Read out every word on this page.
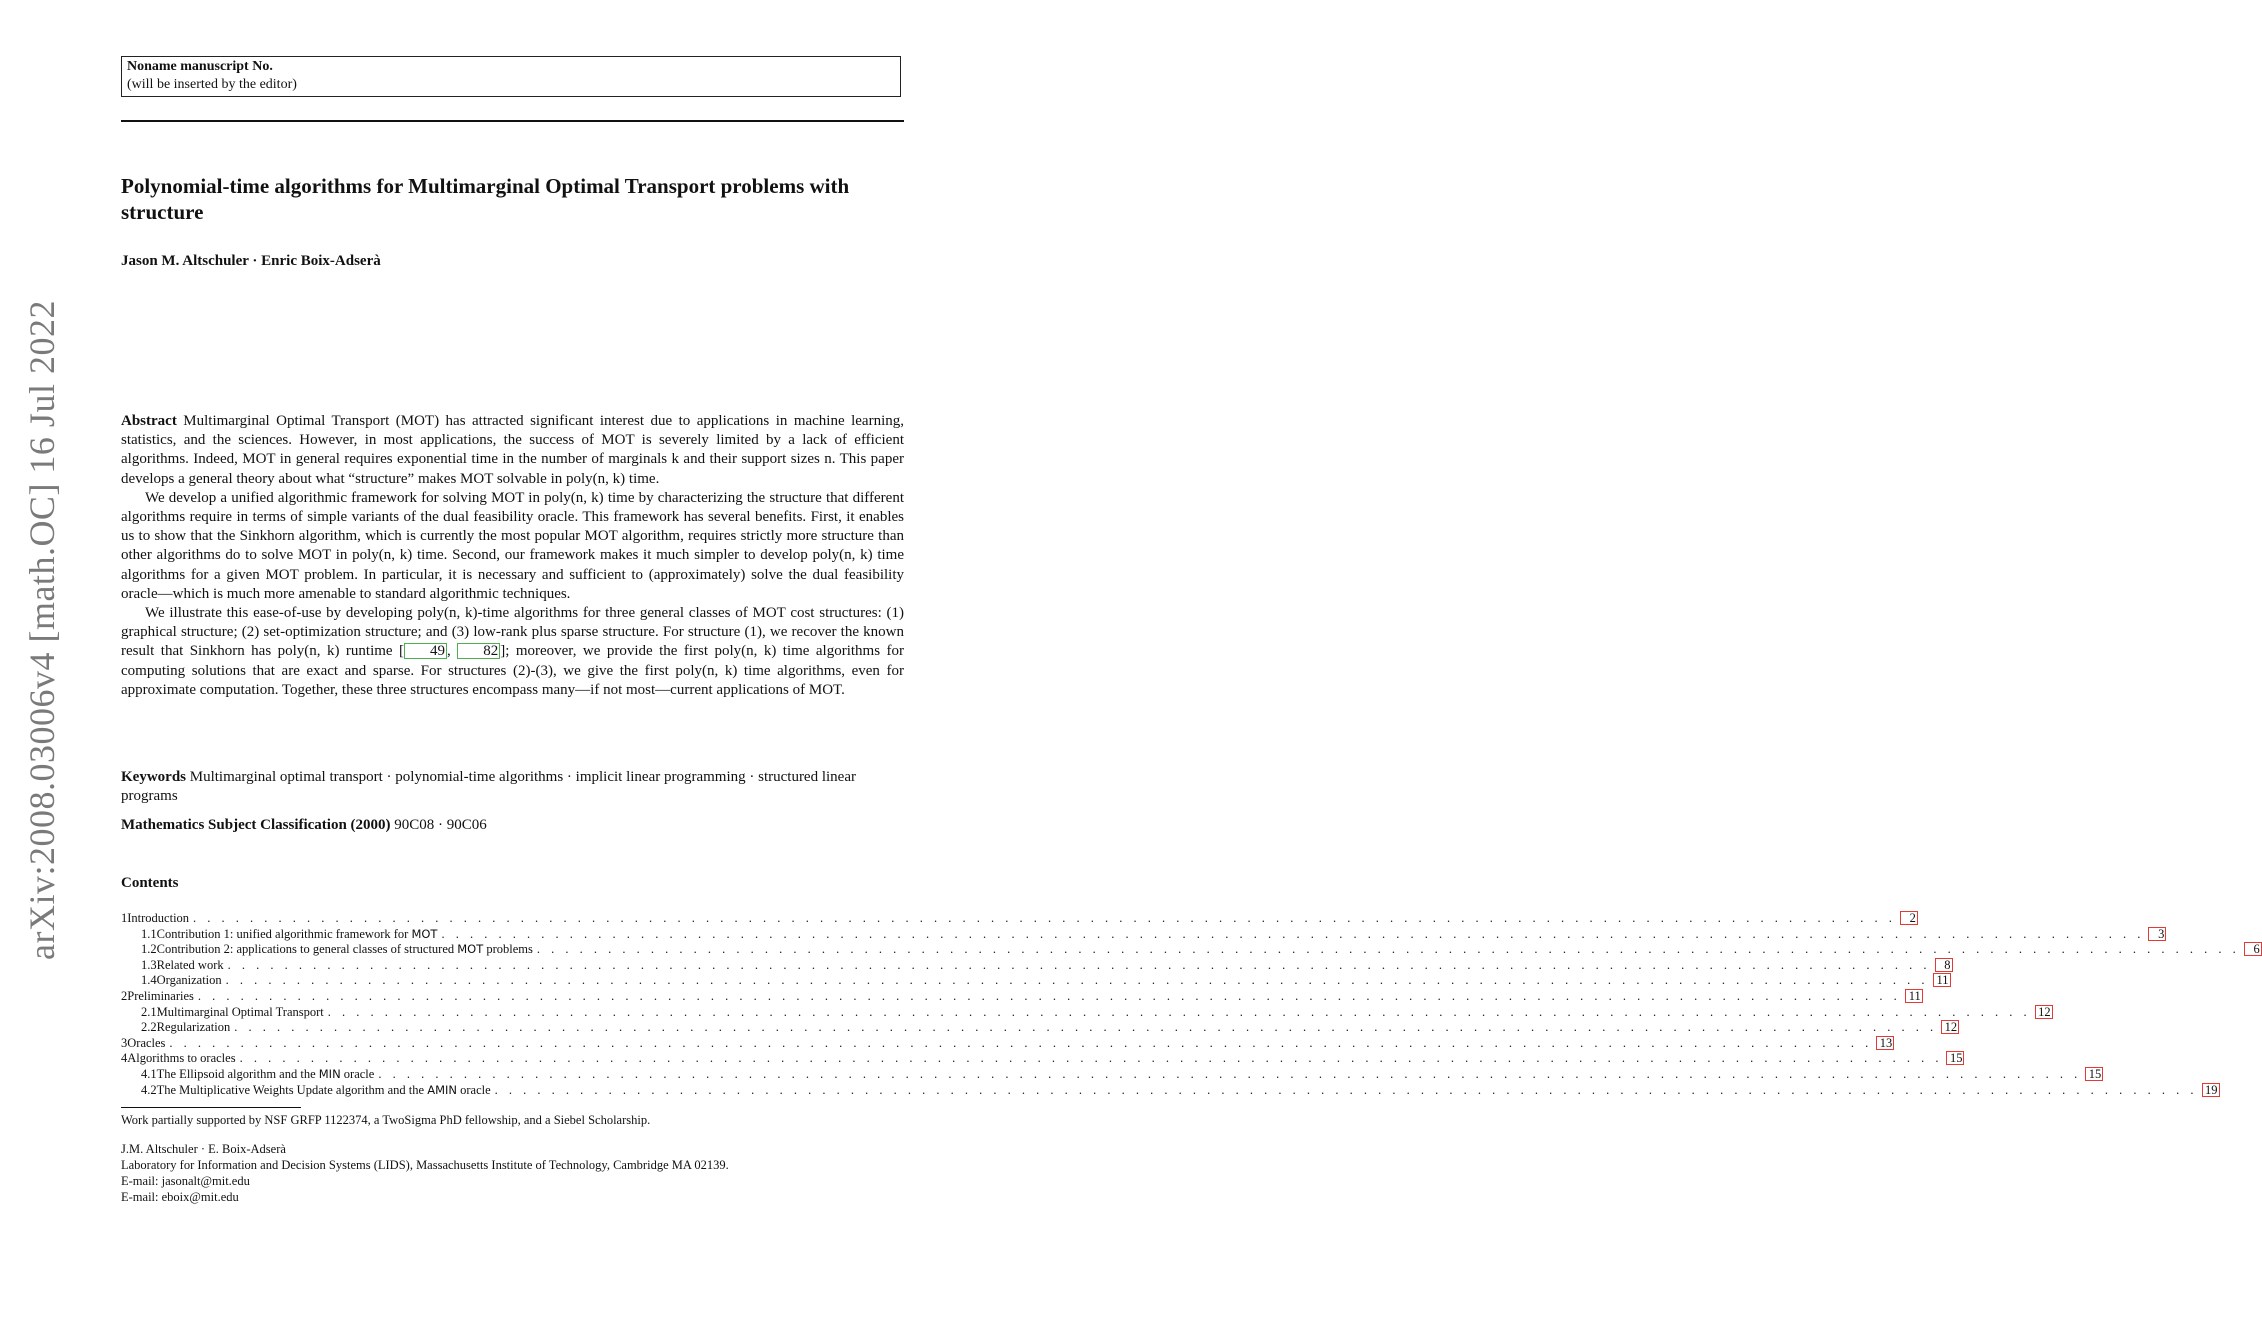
arXiv:2008.03006v4 [math.OC] 16 Jul 2022
Noname manuscript No.
(will be inserted by the editor)
Polynomial-time algorithms for Multimarginal Optimal Transport problems with structure
Jason M. Altschuler · Enric Boix-Adserà

Abstract Multimarginal Optimal Transport (MOT) has attracted significant interest due to applications in machine learning, statistics, and the sciences. However, in most applications, the success of MOT is severely limited by a lack of efficient algorithms. Indeed, MOT in general requires exponential time in the number of marginals k and their support sizes n. This paper develops a general theory about what “structure” makes MOT solvable in poly(n, k) time.

We develop a unified algorithmic framework for solving MOT in poly(n, k) time by characterizing the structure that different algorithms require in terms of simple variants of the dual feasibility oracle. This framework has several benefits. First, it enables us to show that the Sinkhorn algorithm, which is currently the most popular MOT algorithm, requires strictly more structure than other algorithms do to solve MOT in poly(n, k) time. Second, our framework makes it much simpler to develop poly(n, k) time algorithms for a given MOT problem. In particular, it is necessary and sufficient to (approximately) solve the dual feasibility oracle—which is much more amenable to standard algorithmic techniques.

We illustrate this ease-of-use by developing poly(n, k)-time algorithms for three general classes of MOT cost structures: (1) graphical structure; (2) set-optimization structure; and (3) low-rank plus sparse structure. For structure (1), we recover the known result that Sinkhorn has poly(n, k) runtime [ 49 , 82 ]; moreover, we provide the first poly(n, k) time algorithms for computing solutions that are exact and sparse. For structures (2)-(3), we give the first poly(n, k) time algorithms, even for approximate computation. Together, these three structures encompass many—if not most—current applications of MOT.

Keywords Multimarginal optimal transport · polynomial-time algorithms · implicit linear programming · structured linear programs
Mathematics Subject Classification (2000) 90C08 · 90C06
Contents
1 Introduction . . . . . . . . . . . . . . . . . . . . . . . . . . . . . . . . . . . . . . . . . . . . . . . . . . . . . . . . . . . . . . . . . . . . . . . . . . . . . . . . . . . . . . . . . . . . . . . . . . . . . . . . . . . . . . . . . . . . . . . .	2
1.1 Contribution 1: unified algorithmic framework for MOT . . . . . . . . . . . . . . . . . . . . . . . . . . . . . . . . . . . . . . . . . . . . . . . . . . . . . . . . . . . . . . . . . . . . . . . . . . . . . . . . . . . . . . . . . . . . . . . . . . . . . . . . . . . . . . . . . . . . . . . .	3
1.2 Contribution 2: applications to general classes of structured MOT problems . . . . . . . . . . . . . . . . . . . . . . . . . . . . . . . . . . . . . . . . . . . . . . . . . . . . . . . . . . . . . . . . . . . . . . . . . . . . . . . . . . . . . . . . . . . . . . . . . . . . . . . . . . . . . . . . . . . . . . . .	6
1.3 Related work . . . . . . . . . . . . . . . . . . . . . . . . . . . . . . . . . . . . . . . . . . . . . . . . . . . . . . . . . . . . . . . . . . . . . . . . . . . . . . . . . . . . . . . . . . . . . . . . . . . . . . . . . . . . . . . . . . . . . . . .	8
1.4 Organization . . . . . . . . . . . . . . . . . . . . . . . . . . . . . . . . . . . . . . . . . . . . . . . . . . . . . . . . . . . . . . . . . . . . . . . . . . . . . . . . . . . . . . . . . . . . . . . . . . . . . . . . . . . . . . . . . . . . . . . . 11
2 Preliminaries . . . . . . . . . . . . . . . . . . . . . . . . . . . . . . . . . . . . . . . . . . . . . . . . . . . . . . . . . . . . . . . . . . . . . . . . . . . . . . . . . . . . . . . . . . . . . . . . . . . . . . . . . . . . . . . . . . . . . . . . 11
2.1 Multimarginal Optimal Transport . . . . . . . . . . . . . . . . . . . . . . . . . . . . . . . . . . . . . . . . . . . . . . . . . . . . . . . . . . . . . . . . . . . . . . . . . . . . . . . . . . . . . . . . . . . . . . . . . . . . . . . . . . . . . . . . . . . . . . . . 12
2.2 Regularization . . . . . . . . . . . . . . . . . . . . . . . . . . . . . . . . . . . . . . . . . . . . . . . . . . . . . . . . . . . . . . . . . . . . . . . . . . . . . . . . . . . . . . . . . . . . . . . . . . . . . . . . . . . . . . . . . . . . . . . . 12
3 Oracles . . . . . . . . . . . . . . . . . . . . . . . . . . . . . . . . . . . . . . . . . . . . . . . . . . . . . . . . . . . . . . . . . . . . . . . . . . . . . . . . . . . . . . . . . . . . . . . . . . . . . . . . . . . . . . . . . . . . . . . . 13
4 Algorithms to oracles . . . . . . . . . . . . . . . . . . . . . . . . . . . . . . . . . . . . . . . . . . . . . . . . . . . . . . . . . . . . . . . . . . . . . . . . . . . . . . . . . . . . . . . . . . . . . . . . . . . . . . . . . . . . . . . . . . . . . . . . 15
4.1 The Ellipsoid algorithm and the MIN oracle . . . . . . . . . . . . . . . . . . . . . . . . . . . . . . . . . . . . . . . . . . . . . . . . . . . . . . . . . . . . . . . . . . . . . . . . . . . . . . . . . . . . . . . . . . . . . . . . . . . . . . . . . . . . . . . . . . . . . . . . 15
4.2 The Multiplicative Weights Update algorithm and the AMIN oracle . . . . . . . . . . . . . . . . . . . . . . . . . . . . . . . . . . . . . . . . . . . . . . . . . . . . . . . . . . . . . . . . . . . . . . . . . . . . . . . . . . . . . . . . . . . . . . . . . . . . . . . . . . . . . . . . . . . . . . . . 19
Work partially supported by NSF GRFP 1122374, a TwoSigma PhD fellowship, and a Siebel Scholarship.
J.M. Altschuler · E. Boix-Adserà
Laboratory for Information and Decision Systems (LIDS), Massachusetts Institute of Technology, Cambridge MA 02139.
E-mail: jasonalt@mit.edu
E-mail: eboix@mit.edu
